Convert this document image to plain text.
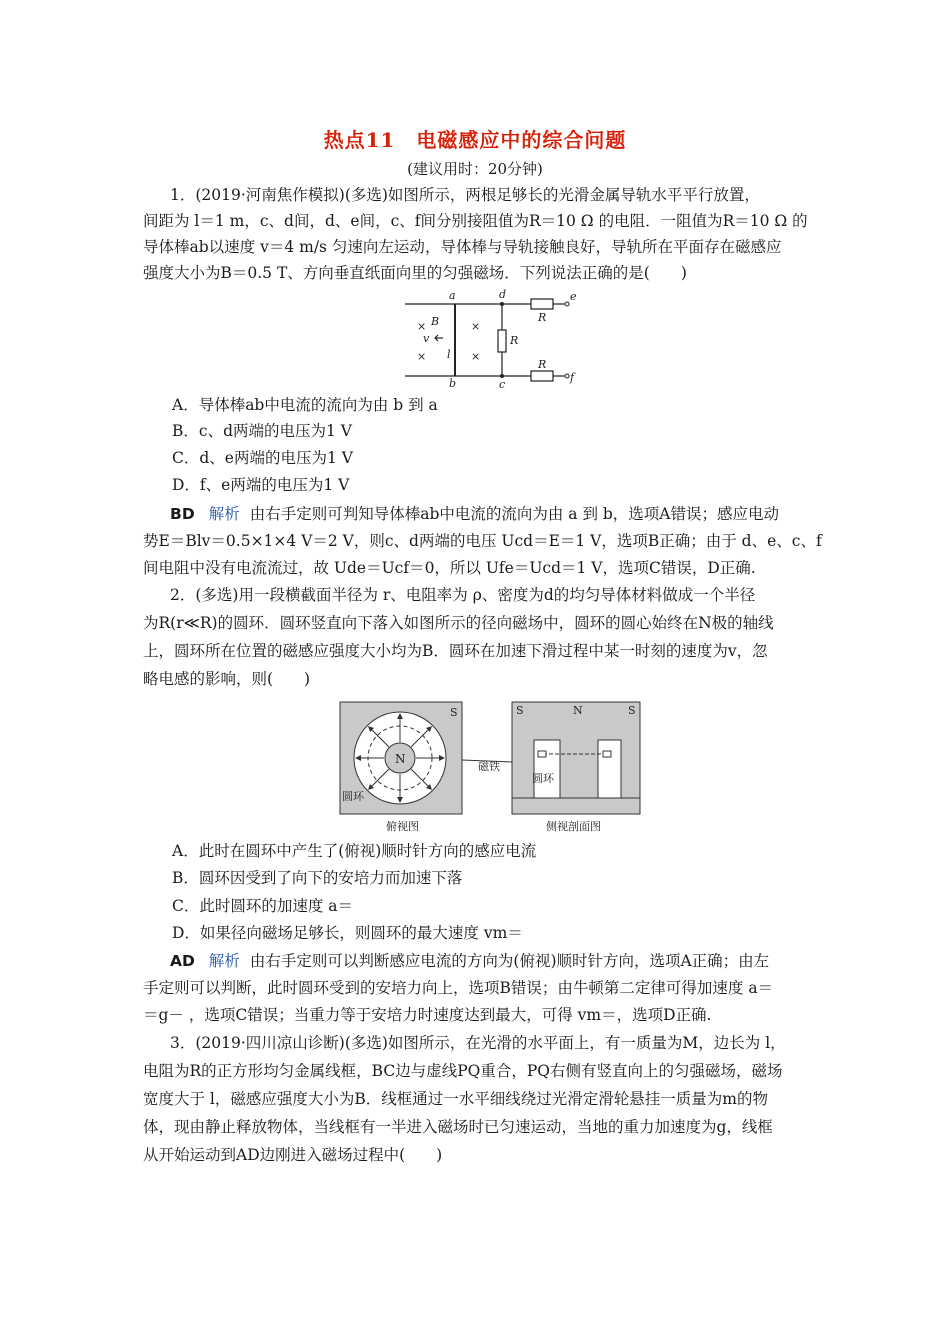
热点11　电磁感应中的综合问题
(建议用时：20分钟)
1．(2019·河南焦作模拟)(多选)如图所示，两根足够长的光滑金属导轨水平平行放置，
间距为 l＝1 m，c、d间，d、e间，c、f间分别接阻值为R＝10 Ω 的电阻．一阻值为R＝10 Ω 的
导体棒ab以速度 v＝4 m/s 匀速向左运动，导体棒与导轨接触良好，导轨所在平面存在磁感应
强度大小为B＝0.5 T、方向垂直纸面向里的匀强磁场．下列说法正确的是(　　)
a
b	c
d	e
f
B
v
l
R
R
R
×
×
×
×
A．导体棒ab中电流的流向为由 b 到 a
B．c、d两端的电压为1 V
C．d、e两端的电压为1 V
D．f、e两端的电压为1 V
BD 解析 由右手定则可判知导体棒ab中电流的流向为由 a 到 b，选项A错误；感应电动
势E＝Blv＝0.5×1×4 V＝2 V，则c、d两端的电压 Ucd＝E＝1 V，选项B正确；由于 d、e、c、f
间电阻中没有电流流过，故 Ude＝Ucf＝0，所以 Ufe＝Ucd＝1 V，选项C错误，D正确.
2．(多选)用一段横截面半径为 r、电阻率为 ρ、密度为d的均匀导体材料做成一个半径
为R(r≪R)的圆环．圆环竖直向下落入如图所示的径向磁场中，圆环的圆心始终在N极的轴线
上，圆环所在位置的磁感应强度大小均为B．圆环在加速下滑过程中某一时刻的速度为v，忽
略电感的影响，则(　　)
S
N
圆环
俯视图
S	N	S
磁铁
圆环
侧视剖面图
A．此时在圆环中产生了(俯视)顺时针方向的感应电流
B．圆环因受到了向下的安培力而加速下落
C．此时圆环的加速度 a＝
D．如果径向磁场足够长，则圆环的最大速度 vm＝
AD 解析 由右手定则可以判断感应电流的方向为(俯视)顺时针方向，选项A正确；由左
手定则可以判断，此时圆环受到的安培力向上，选项B错误；由牛顿第二定律可得加速度 a＝
＝g－ ，选项C错误；当重力等于安培力时速度达到最大，可得 vm＝，选项D正确.
3．(2019·四川凉山诊断)(多选)如图所示，在光滑的水平面上，有一质量为M，边长为 l，
电阻为R的正方形均匀金属线框，BC边与虚线PQ重合，PQ右侧有竖直向上的匀强磁场，磁场
宽度大于 l，磁感应强度大小为B．线框通过一水平细线绕过光滑定滑轮悬挂一质量为m的物
体，现由静止释放物体，当线框有一半进入磁场时已匀速运动，当地的重力加速度为g，线框
从开始运动到AD边刚进入磁场过程中(　　)
